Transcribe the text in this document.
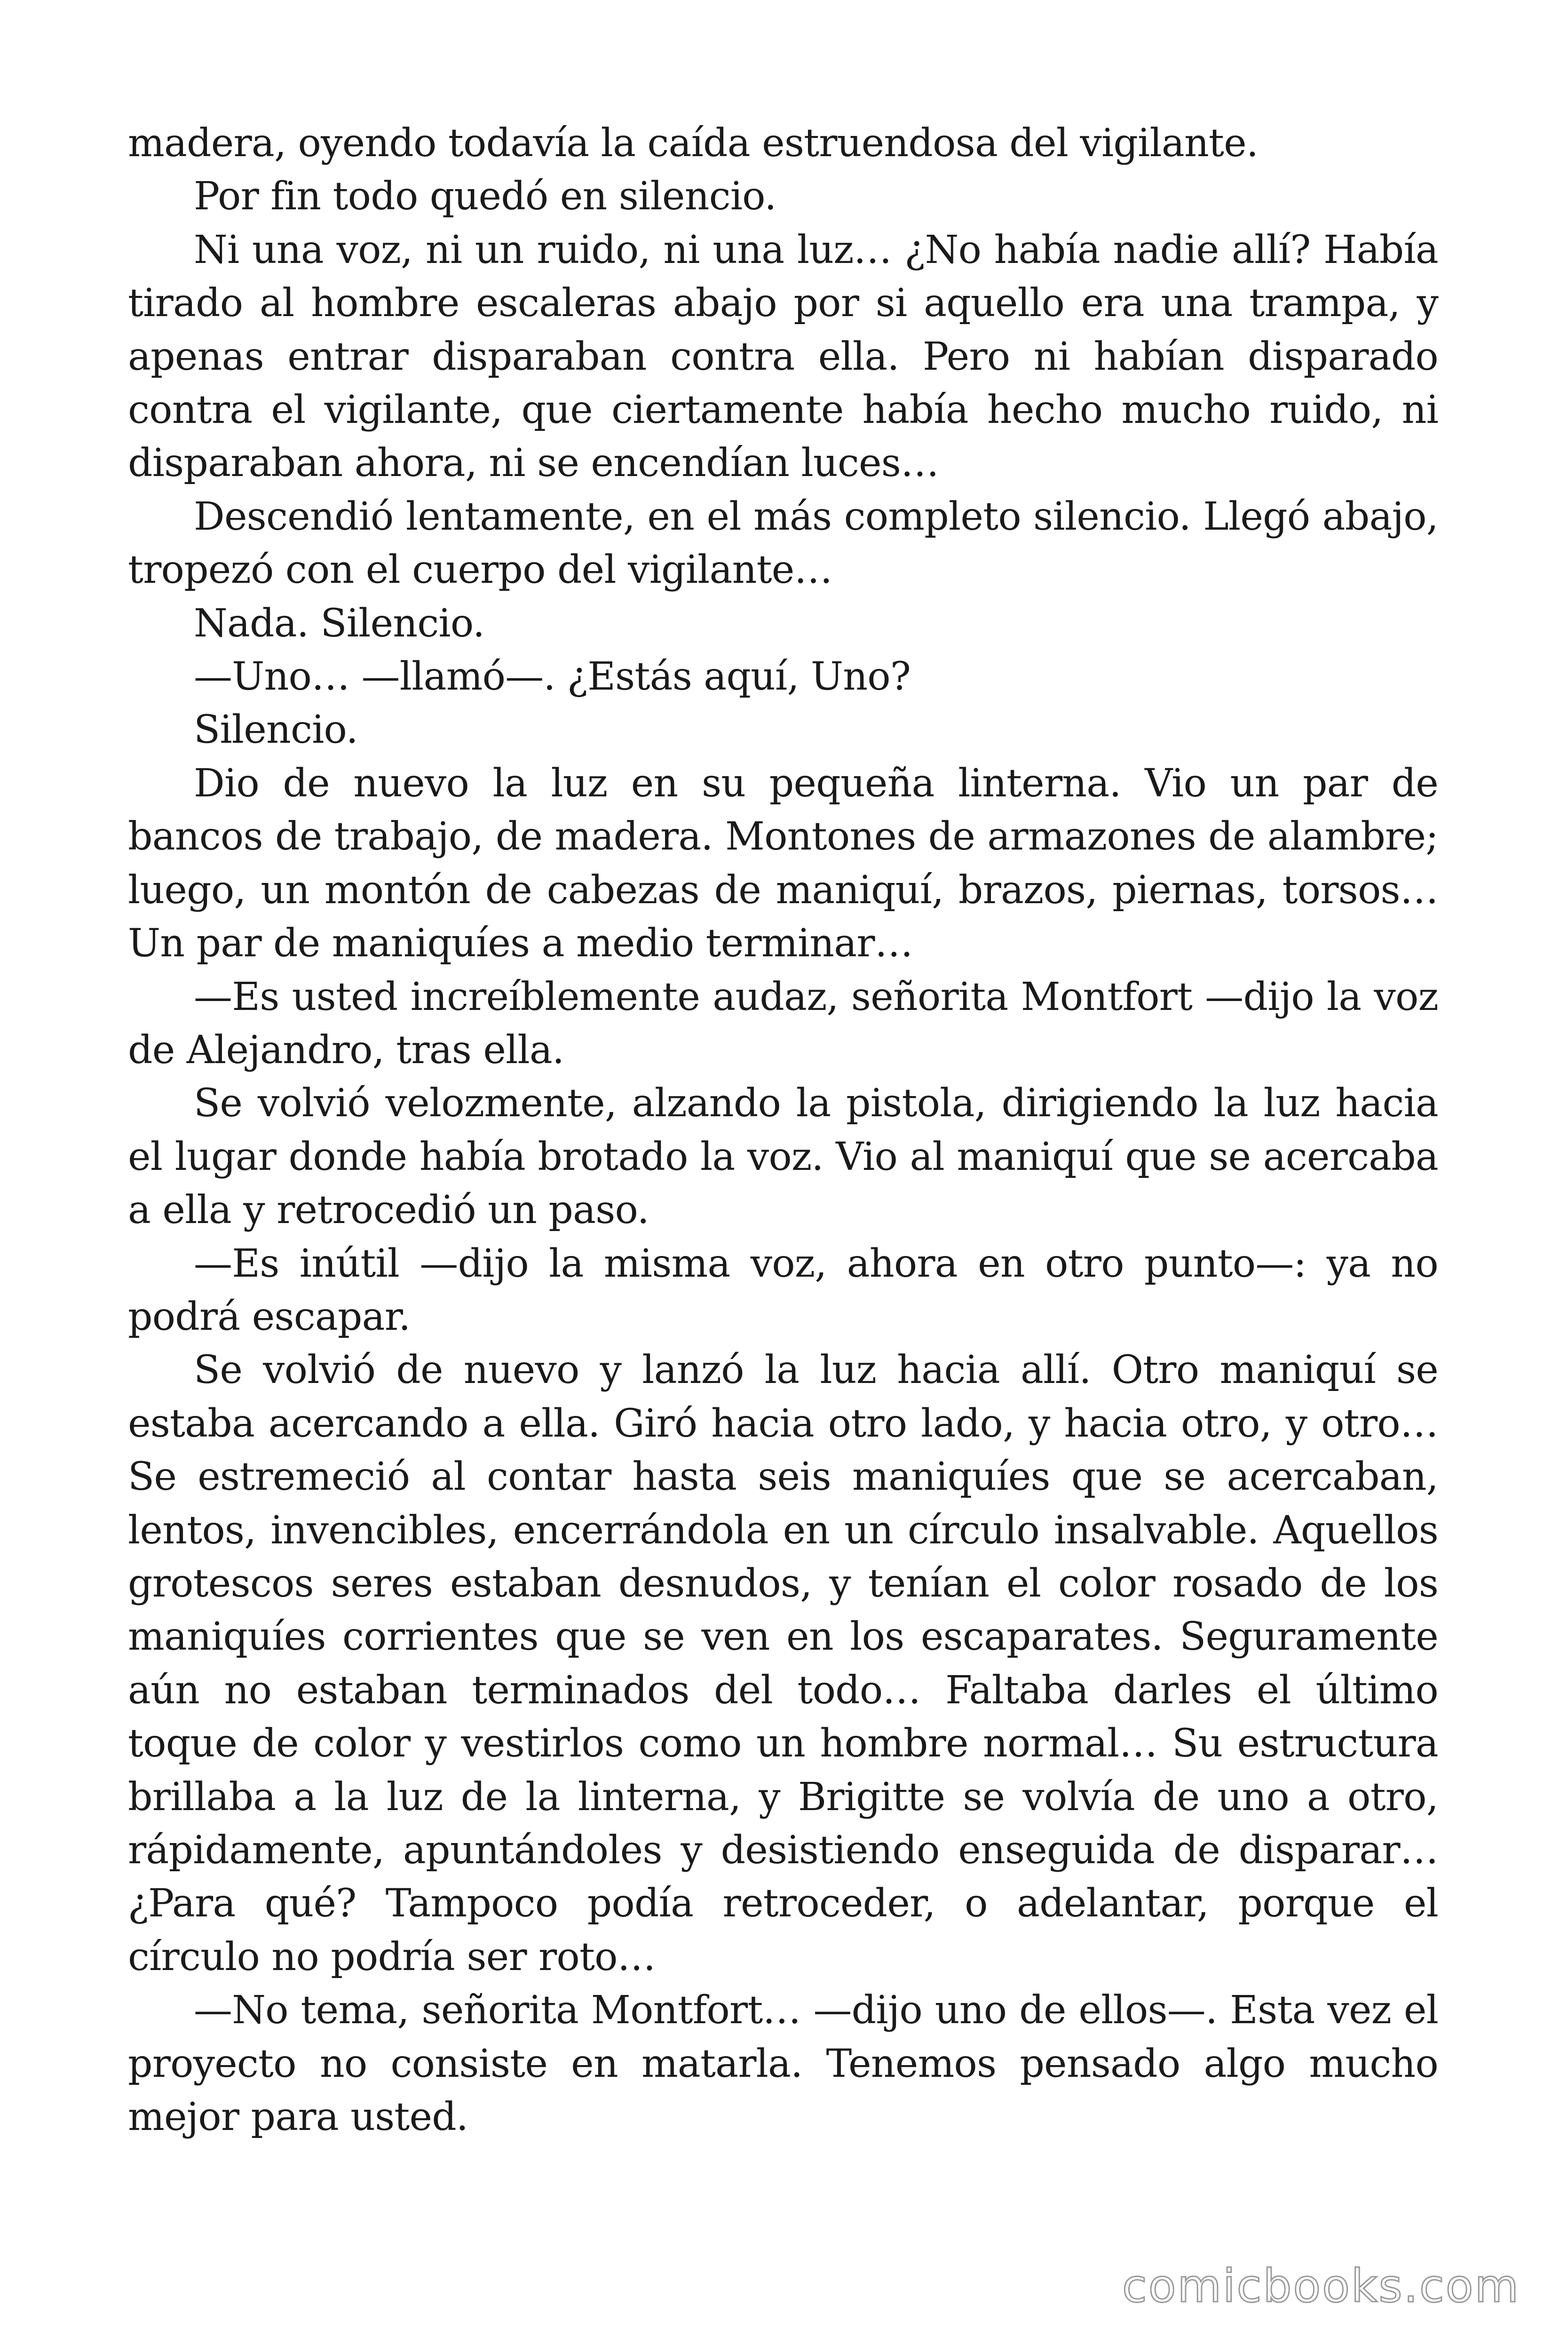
madera, oyendo todavía la caída estruendosa del vigilante.

Por fin todo quedó en silencio.

Ni una voz, ni un ruido, ni una luz… ¿No había nadie allí? Había tirado al hombre escaleras abajo por si aquello era una trampa, y apenas entrar disparaban contra ella. Pero ni habían disparado contra el vigilante, que ciertamente había hecho mucho ruido, ni disparaban ahora, ni se encendían luces…

Descendió lentamente, en el más completo silencio. Llegó abajo, tropezó con el cuerpo del vigilante…

Nada. Silencio.

—Uno… —llamó—. ¿Estás aquí, Uno?

Silencio.

Dio de nuevo la luz en su pequeña linterna. Vio un par de bancos de trabajo, de madera. Montones de armazones de alambre; luego, un montón de cabezas de maniquí, brazos, piernas, torsos… Un par de maniquíes a medio terminar…

—Es usted increíblemente audaz, señorita Montfort —dijo la voz de Alejandro, tras ella.

Se volvió velozmente, alzando la pistola, dirigiendo la luz hacia el lugar donde había brotado la voz. Vio al maniquí que se acercaba a ella y retrocedió un paso.

—Es inútil —dijo la misma voz, ahora en otro punto—: ya no podrá escapar.

Se volvió de nuevo y lanzó la luz hacia allí. Otro maniquí se estaba acercando a ella. Giró hacia otro lado, y hacia otro, y otro… Se estremeció al contar hasta seis maniquíes que se acercaban, lentos, invencibles, encerrándola en un círculo insalvable. Aquellos grotescos seres estaban desnudos, y tenían el color rosado de los maniquíes corrientes que se ven en los escaparates. Seguramente aún no estaban terminados del todo… Faltaba darles el último toque de color y vestirlos como un hombre normal… Su estructura brillaba a la luz de la linterna, y Brigitte se volvía de uno a otro, rápidamente, apuntándoles y desistiendo enseguida de disparar… ¿Para qué? Tampoco podía retroceder, o adelantar, porque el círculo no podría ser roto…

—No tema, señorita Montfort… —dijo uno de ellos—. Esta vez el proyecto no consiste en matarla. Tenemos pensado algo mucho mejor para usted.

comicbooks.com
